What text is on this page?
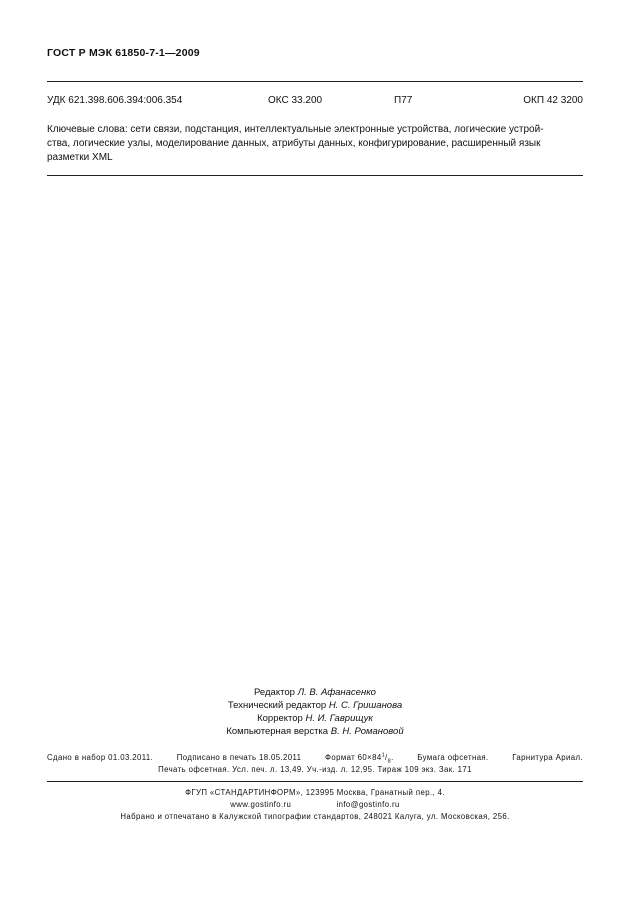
ГОСТ Р МЭК 61850-7-1—2009
УДК 621.398.606.394:006.354	ОКС 33.200	П77	ОКП 42 3200
Ключевые слова: сети связи, подстанция, интеллектуальные электронные устройства, логические устрой-
ства, логические узлы, моделирование данных, атрибуты данных, конфигурирование, расширенный язык
разметки XML
Редактор Л. В. Афанасенко
Технический редактор Н. С. Гришанова
Корректор Н. И. Гаврищук
Компьютерная верстка В. Н. Романовой
Сдано в набор 01.03.2011.	Подписано в печать 18.05.2011	Формат $60\times 84^1/_8$.	Бумага офсетная.	Гарнитура Ариал.
Печать офсетная. Усл. печ. л. 13,49. Уч.-изд. л. 12,95. Тираж 109 экз. Зак. 171
ФГУП «СТАНДАРТИНФОРМ», 123995 Москва, Гранатный пер., 4.
www.gostinfo.ru	info@gostinfo.ru
Набрано и отпечатано в Калужской типографии стандартов, 248021 Калуга, ул. Московская, 256.
